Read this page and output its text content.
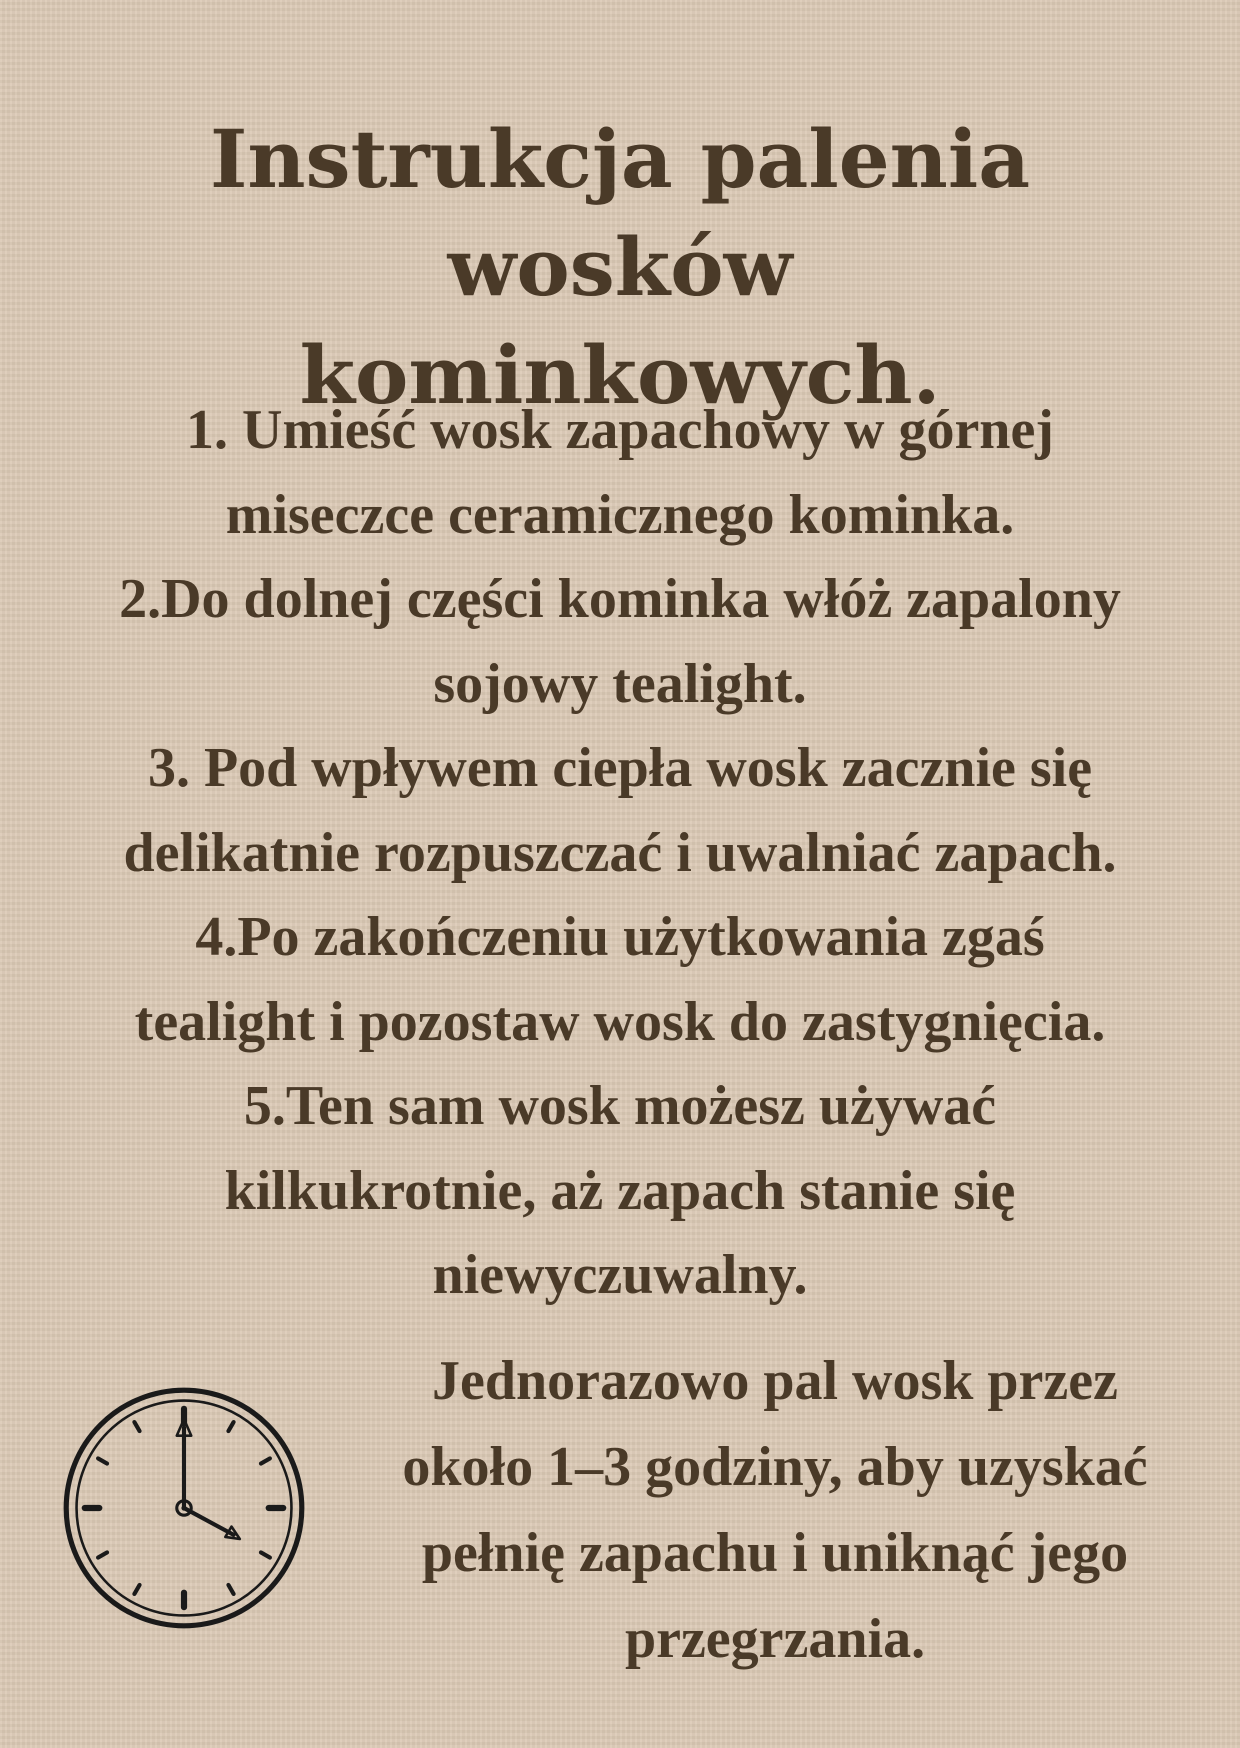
Instrukcja palenia wosków
kominkowych.

1. Umieść wosk zapachowy w górnej
miseczce ceramicznego kominka.

2.Do dolnej części kominka włóż zapalony
sojowy tealight.

3. Pod wpływem ciepła wosk zacznie się
delikatnie rozpuszczać i uwalniać zapach.

4.Po zakończeniu użytkowania zgaś
tealight i pozostaw wosk do zastygnięcia.

5.Ten sam wosk możesz używać
kilkukrotnie, aż zapach stanie się
niewyczuwalny.

Jednorazowo pal wosk przez
około 1–3 godziny, aby uzyskać
pełnię zapachu i uniknąć jego
przegrzania.
